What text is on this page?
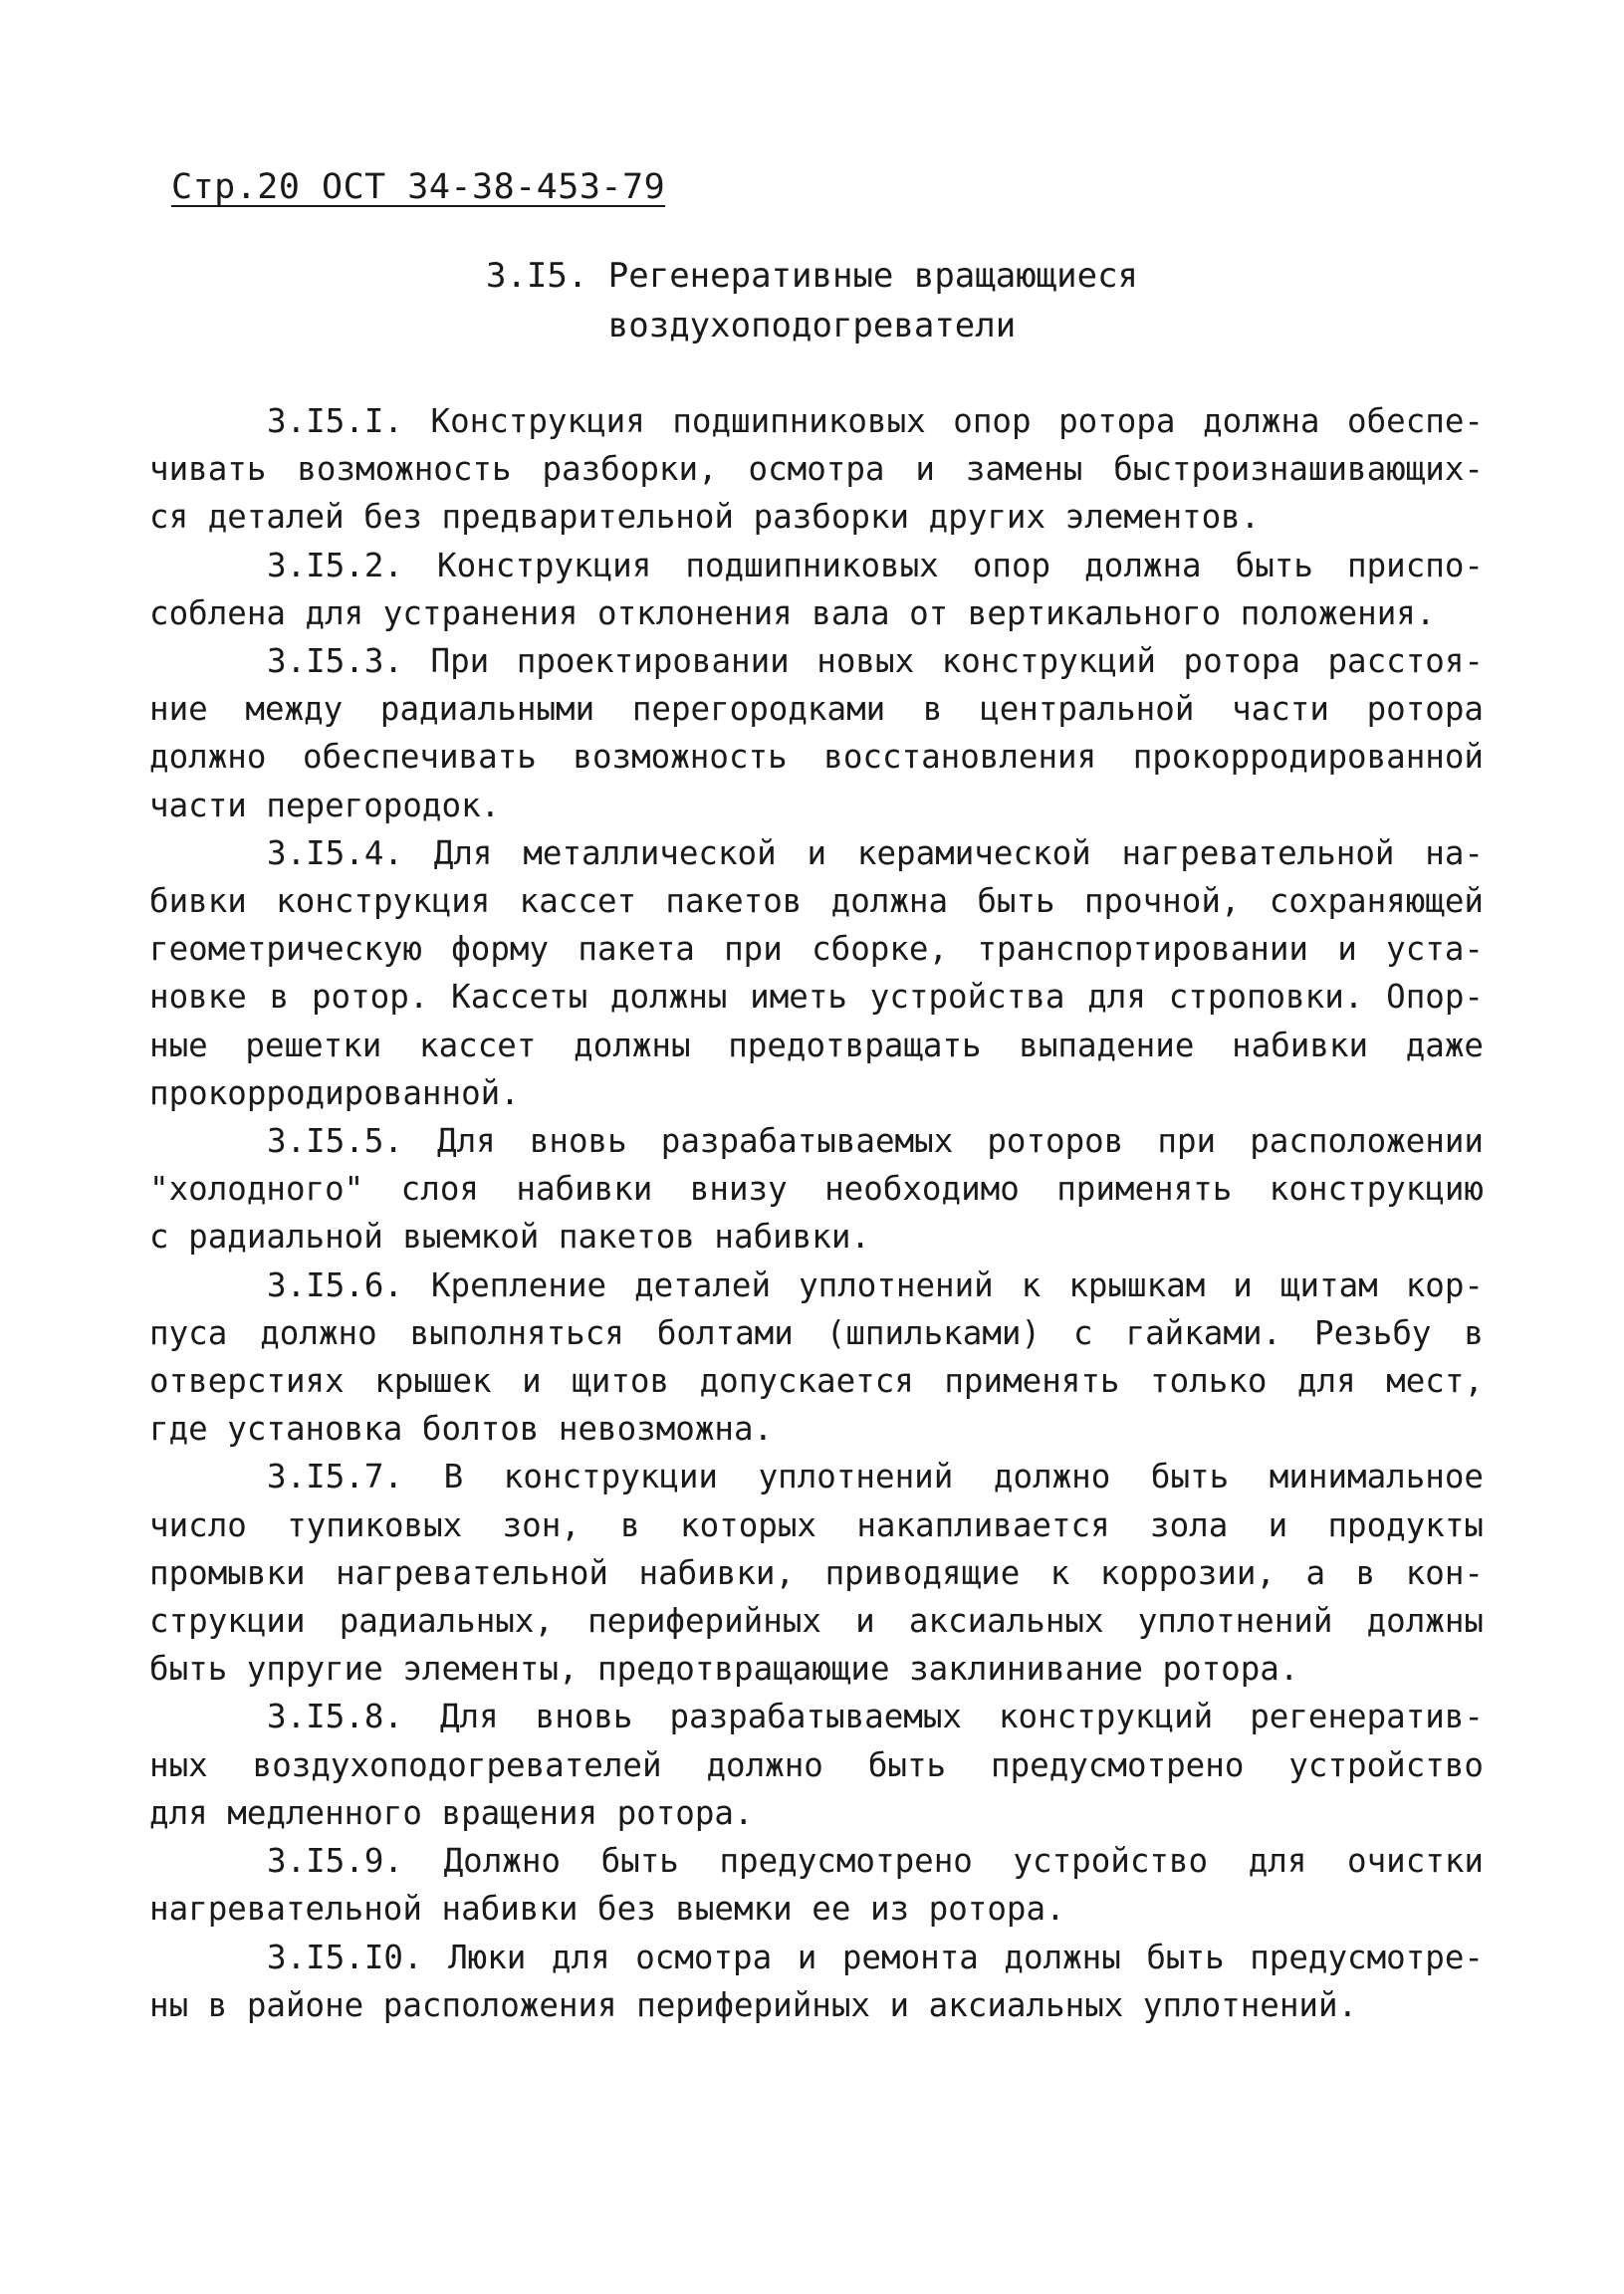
Стр.20 ОСТ 34-38-453-79
3.I5. Регенеративные вращающиеся
воздухоподогреватели
3.I5.I. Конструкция подшипниковых опор ротора должна обеспе-
чивать возможность разборки, осмотра и замены быстроизнашивающих-
ся деталей без предварительной разборки других элементов.
3.I5.2. Конструкция подшипниковых опор должна быть приспо-
соблена для устранения отклонения вала от вертикального положения.
3.I5.3. При проектировании новых конструкций ротора расстоя-
ние между радиальными перегородками в центральной части ротора
должно обеспечивать возможность восстановления прокорродированной
части перегородок.
3.I5.4. Для металлической и керамической нагревательной на-
бивки конструкция кассет пакетов должна быть прочной, сохраняющей
геометрическую форму пакета при сборке, транспортировании и уста-
новке в ротор. Кассеты должны иметь устройства для строповки. Опор-
ные решетки кассет должны предотвращать выпадение набивки даже
прокорродированной.
3.I5.5. Для вновь разрабатываемых роторов при расположении
"холодного" слоя набивки внизу необходимо применять конструкцию
с радиальной выемкой пакетов набивки.
3.I5.6. Крепление деталей уплотнений к крышкам и щитам кор-
пуса должно выполняться болтами (шпильками) с гайками. Резьбу в
отверстиях крышек и щитов допускается применять только для мест,
где установка болтов невозможна.
3.I5.7. В конструкции уплотнений должно быть минимальное
число тупиковых зон, в которых накапливается зола и продукты
промывки нагревательной набивки, приводящие к коррозии, а в кон-
струкции радиальных, периферийных и аксиальных уплотнений должны
быть упругие элементы, предотвращающие заклинивание ротора.
3.I5.8. Для вновь разрабатываемых конструкций регенератив-
ных воздухоподогревателей должно быть предусмотрено устройство
для медленного вращения ротора.
3.I5.9. Должно быть предусмотрено устройство для очистки
нагревательной набивки без выемки ее из ротора.
3.I5.I0. Люки для осмотра и ремонта должны быть предусмотре-
ны в районе расположения периферийных и аксиальных уплотнений.
